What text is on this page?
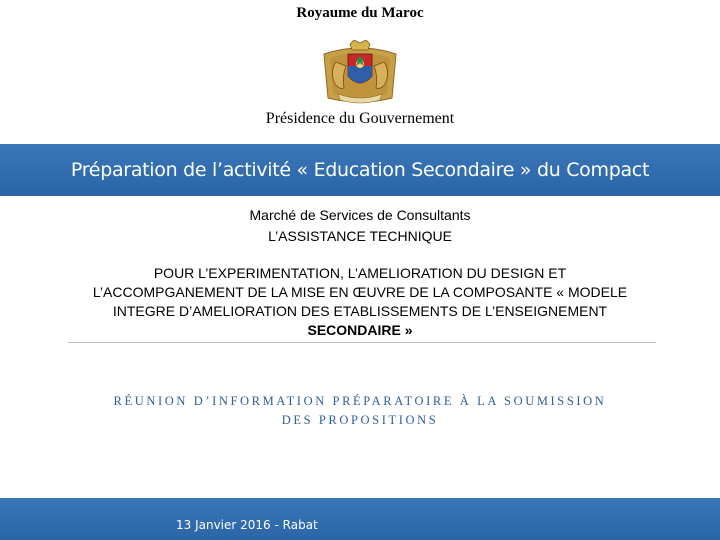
Royaume du Maroc
Présidence du Gouvernement
Préparation de l’activité « Education Secondaire » du Compact
Marché de Services de Consultants
L’ASSISTANCE TECHNIQUE
POUR L’EXPERIMENTATION, L’AMELIORATION DU DESIGN ET
L’ACCOMPGANEMENT DE LA MISE EN ŒUVRE DE LA COMPOSANTE « MODELE
INTEGRE D’AMELIORATION DES ETABLISSEMENTS DE L’ENSEIGNEMENT
SECONDAIRE »
RÉUNION D’INFORMATION PRÉPARATOIRE À LA SOUMISSION
DES PROPOSITIONS
13 Janvier 2016 - Rabat
